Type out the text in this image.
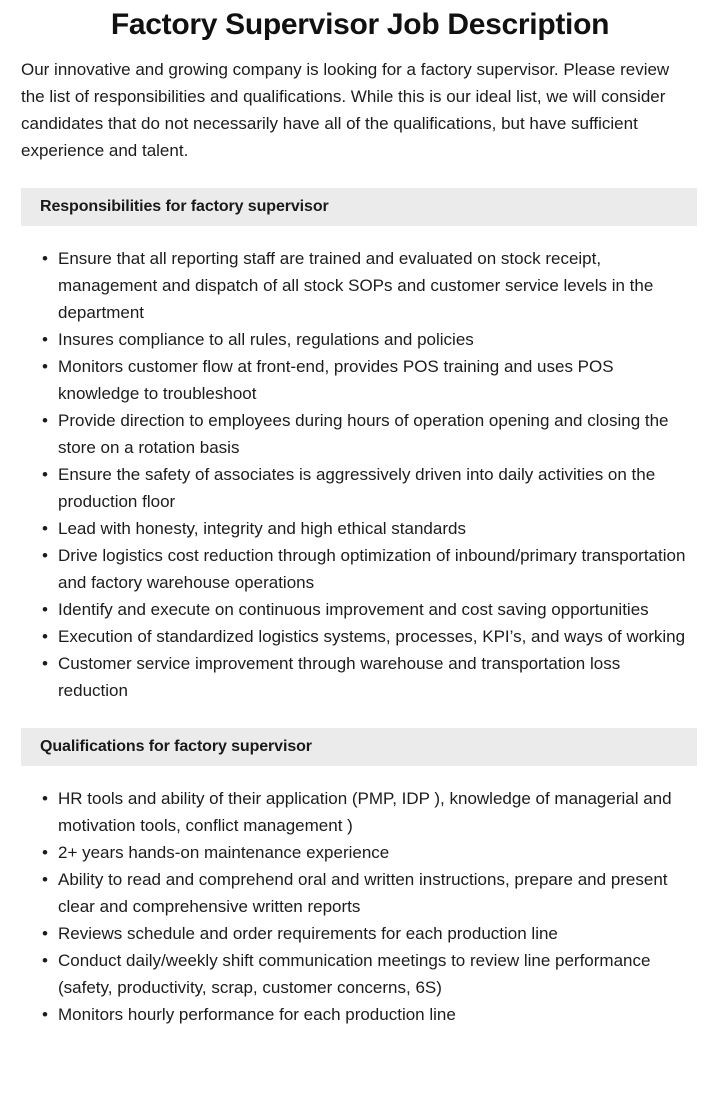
Factory Supervisor Job Description

Our innovative and growing company is looking for a factory supervisor. Please review the list of responsibilities and qualifications. While this is our ideal list, we will consider candidates that do not necessarily have all of the qualifications, but have sufficient experience and talent.

Responsibilities for factory supervisor
• Ensure that all reporting staff are trained and evaluated on stock receipt, management and dispatch of all stock SOPs and customer service levels in the department
• Insures compliance to all rules, regulations and policies
• Monitors customer flow at front-end, provides POS training and uses POS knowledge to troubleshoot
• Provide direction to employees during hours of operation opening and closing the store on a rotation basis
• Ensure the safety of associates is aggressively driven into daily activities on the production floor
• Lead with honesty, integrity and high ethical standards
• Drive logistics cost reduction through optimization of inbound/primary transportation and factory warehouse operations
• Identify and execute on continuous improvement and cost saving opportunities
• Execution of standardized logistics systems, processes, KPI’s, and ways of working
• Customer service improvement through warehouse and transportation loss reduction
Qualifications for factory supervisor
• HR tools and ability of their application (PMP, IDP ), knowledge of managerial and motivation tools, conflict management )
• 2+ years hands-on maintenance experience
• Ability to read and comprehend oral and written instructions, prepare and present clear and comprehensive written reports
• Reviews schedule and order requirements for each production line
• Conduct daily/weekly shift communication meetings to review line performance (safety, productivity, scrap, customer concerns, 6S)
• Monitors hourly performance for each production line
